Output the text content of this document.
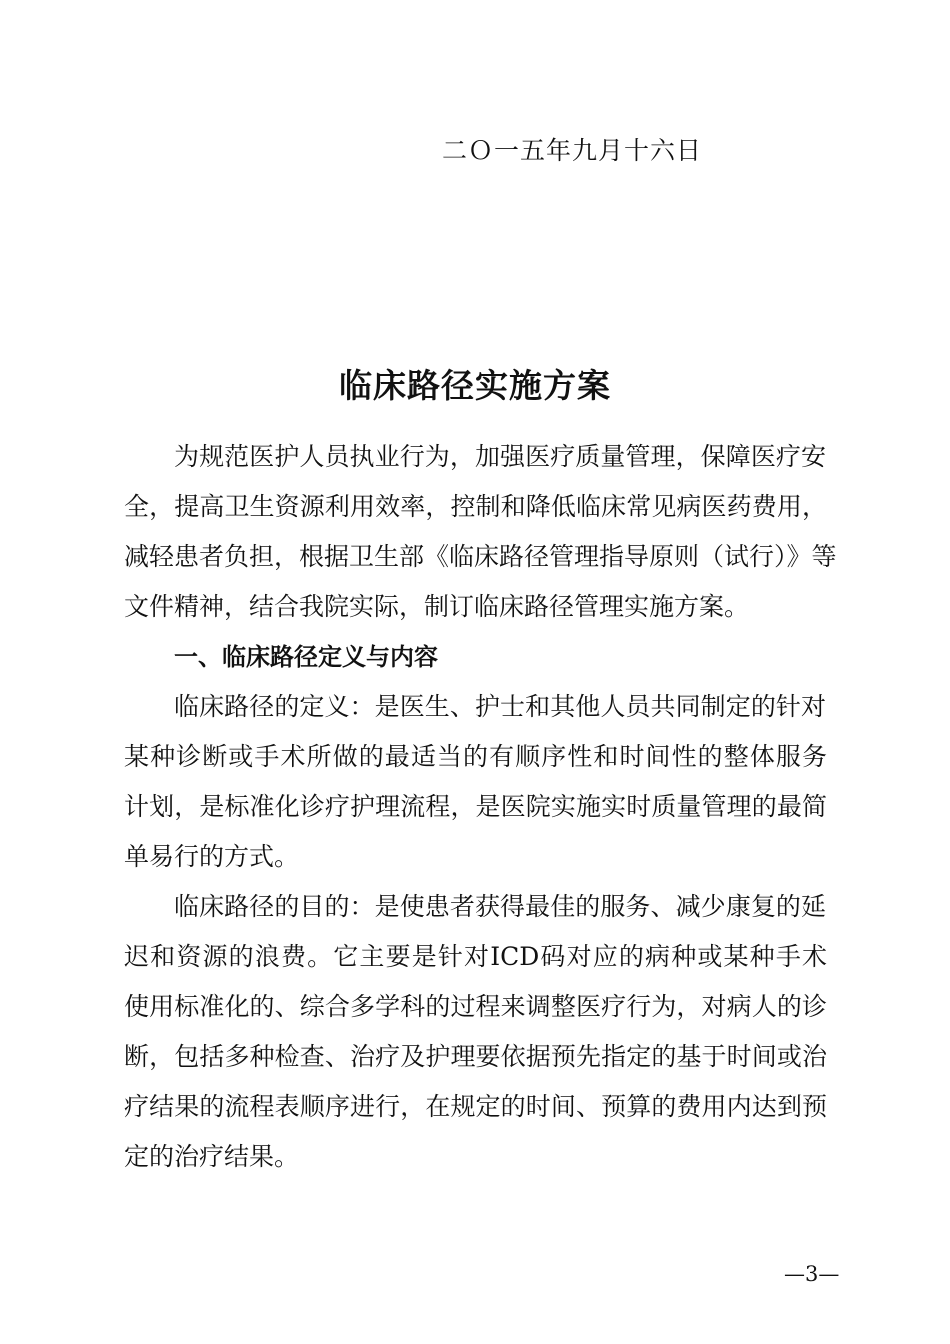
二Ｏ一五年九月十六日
临床路径实施方案
为规范医护人员执业行为，加强医疗质量管理，保障医疗安
全，提高卫生资源利用效率，控制和降低临床常见病医药费用，
减轻患者负担，根据卫生部《临床路径管理指导原则（试行）》等
文件精神，结合我院实际，制订临床路径管理实施方案。
一、临床路径定义与内容
临床路径的定义：是医生、护士和其他人员共同制定的针对
某种诊断或手术所做的最适当的有顺序性和时间性的整体服务
计划，是标准化诊疗护理流程，是医院实施实时质量管理的最简
单易行的方式。
临床路径的目的：是使患者获得最佳的服务、减少康复的延
迟和资源的浪费。它主要是针对ICD码对应的病种或某种手术
使用标准化的、综合多学科的过程来调整医疗行为，对病人的诊
断，包括多种检查、治疗及护理要依据预先指定的基于时间或治
疗结果的流程表顺序进行，在规定的时间、预算的费用内达到预
定的治疗结果。
—3—
